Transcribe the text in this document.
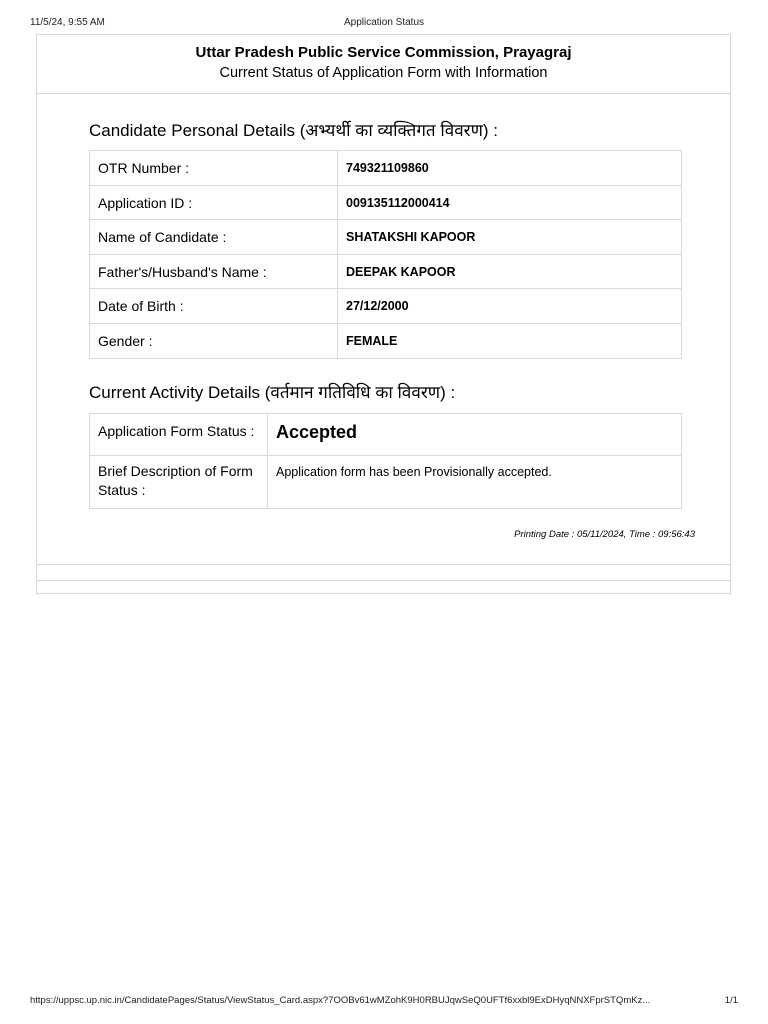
11/5/24, 9:55 AM	Application Status
Uttar Pradesh Public Service Commission, Prayagraj
Current Status of Application Form with Information
Candidate Personal Details (अभ्यर्थी का व्यक्तिगत विवरण) :
OTR Number :	749321109860
Application ID :	009135112000414
Name of Candidate :	SHATAKSHI KAPOOR
Father's/Husband's Name :	DEEPAK KAPOOR
Date of Birth :	27/12/2000
Gender :	FEMALE
Current Activity Details (वर्तमान गतिविधि का विवरण) :
Application Form Status :	Accepted
Brief Description of Form Status :	Application form has been Provisionally accepted.
Printing Date : 05/11/2024, Time : 09:56:43
https://uppsc.up.nic.in/CandidatePages/Status/ViewStatus_Card.aspx?7OOBv61wMZohK9H0RBUJqwSeQ0UFTf6xxbl9ExDHyqNNXFprSTQmKz...	1/1
